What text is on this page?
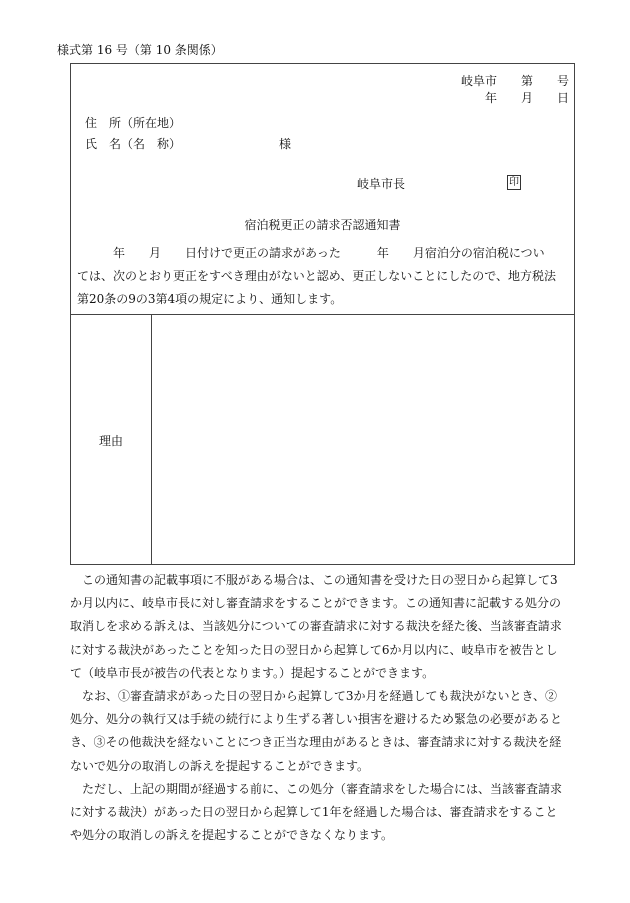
様式第 16 号（第 10 条関係）
岐阜市　　第　　号
年　　月　　日
住　所（所在地）
氏　名（名　称）	様
岐阜市長	印
宿泊税更正の請求否認通知書
　　　年　　月　　日付けで更正の請求があった　　　年　　月宿泊分の宿泊税につい
ては、次のとおり更正をすべき理由がないと認め、更正しないことにしたので、地方税法
第20条の9の3第4項の規定により、通知します。
理由

　この通知書の記載事項に不服がある場合は、この通知書を受けた日の翌日から起算して3

か月以内に、岐阜市長に対し審査請求をすることができます。この通知書に記載する処分の

取消しを求める訴えは、当該処分についての審査請求に対する裁決を経た後、当該審査請求

に対する裁決があったことを知った日の翌日から起算して6か月以内に、岐阜市を被告とし

て（岐阜市長が被告の代表となります。）提起することができます。

　なお、①審査請求があった日の翌日から起算して3か月を経過しても裁決がないとき、②

処分、処分の執行又は手続の続行により生ずる著しい損害を避けるため緊急の必要があると

き、③その他裁決を経ないことにつき正当な理由があるときは、審査請求に対する裁決を経

ないで処分の取消しの訴えを提起することができます。

　ただし、上記の期間が経過する前に、この処分（審査請求をした場合には、当該審査請求

に対する裁決）があった日の翌日から起算して1年を経過した場合は、審査請求をすること

や処分の取消しの訴えを提起することができなくなります。
